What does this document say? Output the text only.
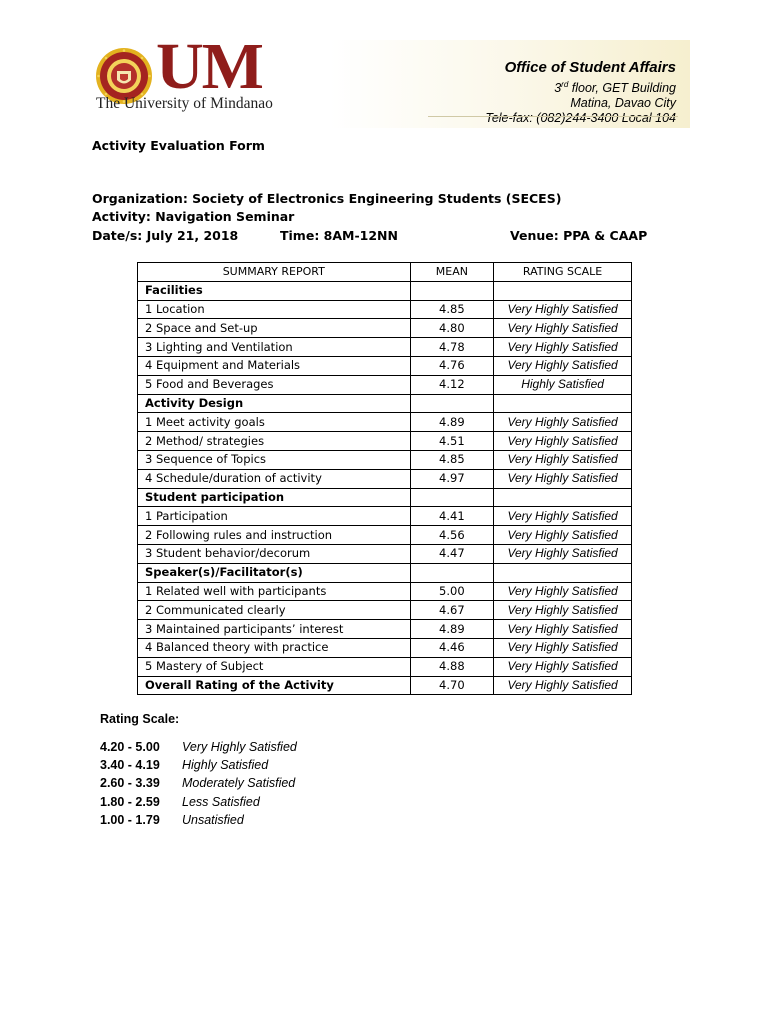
UM
The University of Mindanao
Office of Student Affairs
3rd floor, GET Building
Matina, Davao City
Tele-fax: (082)244-3400 Local 104
Activity Evaluation Form
Organization: Society of Electronics Engineering Students (SECES)
Activity: Navigation Seminar
Date/s: July 21, 2018	Time: 8AM-12NN	Venue: PPA & CAAP
SUMMARY REPORT	MEAN	RATING SCALE
Facilities		
1 Location	4.85	Very Highly Satisfied
2 Space and Set-up	4.80	Very Highly Satisfied
3 Lighting and Ventilation	4.78	Very Highly Satisfied
4 Equipment and Materials	4.76	Very Highly Satisfied
5 Food and Beverages	4.12	Highly Satisfied
Activity Design		
1 Meet activity goals	4.89	Very Highly Satisfied
2 Method/ strategies	4.51	Very Highly Satisfied
3 Sequence of Topics	4.85	Very Highly Satisfied
4 Schedule/duration of activity	4.97	Very Highly Satisfied
Student participation		
1 Participation	4.41	Very Highly Satisfied
2 Following rules and instruction	4.56	Very Highly Satisfied
3 Student behavior/decorum	4.47	Very Highly Satisfied
Speaker(s)/Facilitator(s)		
1 Related well with participants	5.00	Very Highly Satisfied
2 Communicated clearly	4.67	Very Highly Satisfied
3 Maintained participants’ interest	4.89	Very Highly Satisfied
4 Balanced theory with practice	4.46	Very Highly Satisfied
5 Mastery of Subject	4.88	Very Highly Satisfied
Overall Rating of the Activity	4.70	Very Highly Satisfied
Rating Scale:
4.20 - 5.00 Very Highly Satisfied
3.40 - 4.19 Highly Satisfied
2.60 - 3.39 Moderately Satisfied
1.80 - 2.59 Less Satisfied
1.00 - 1.79 Unsatisfied
